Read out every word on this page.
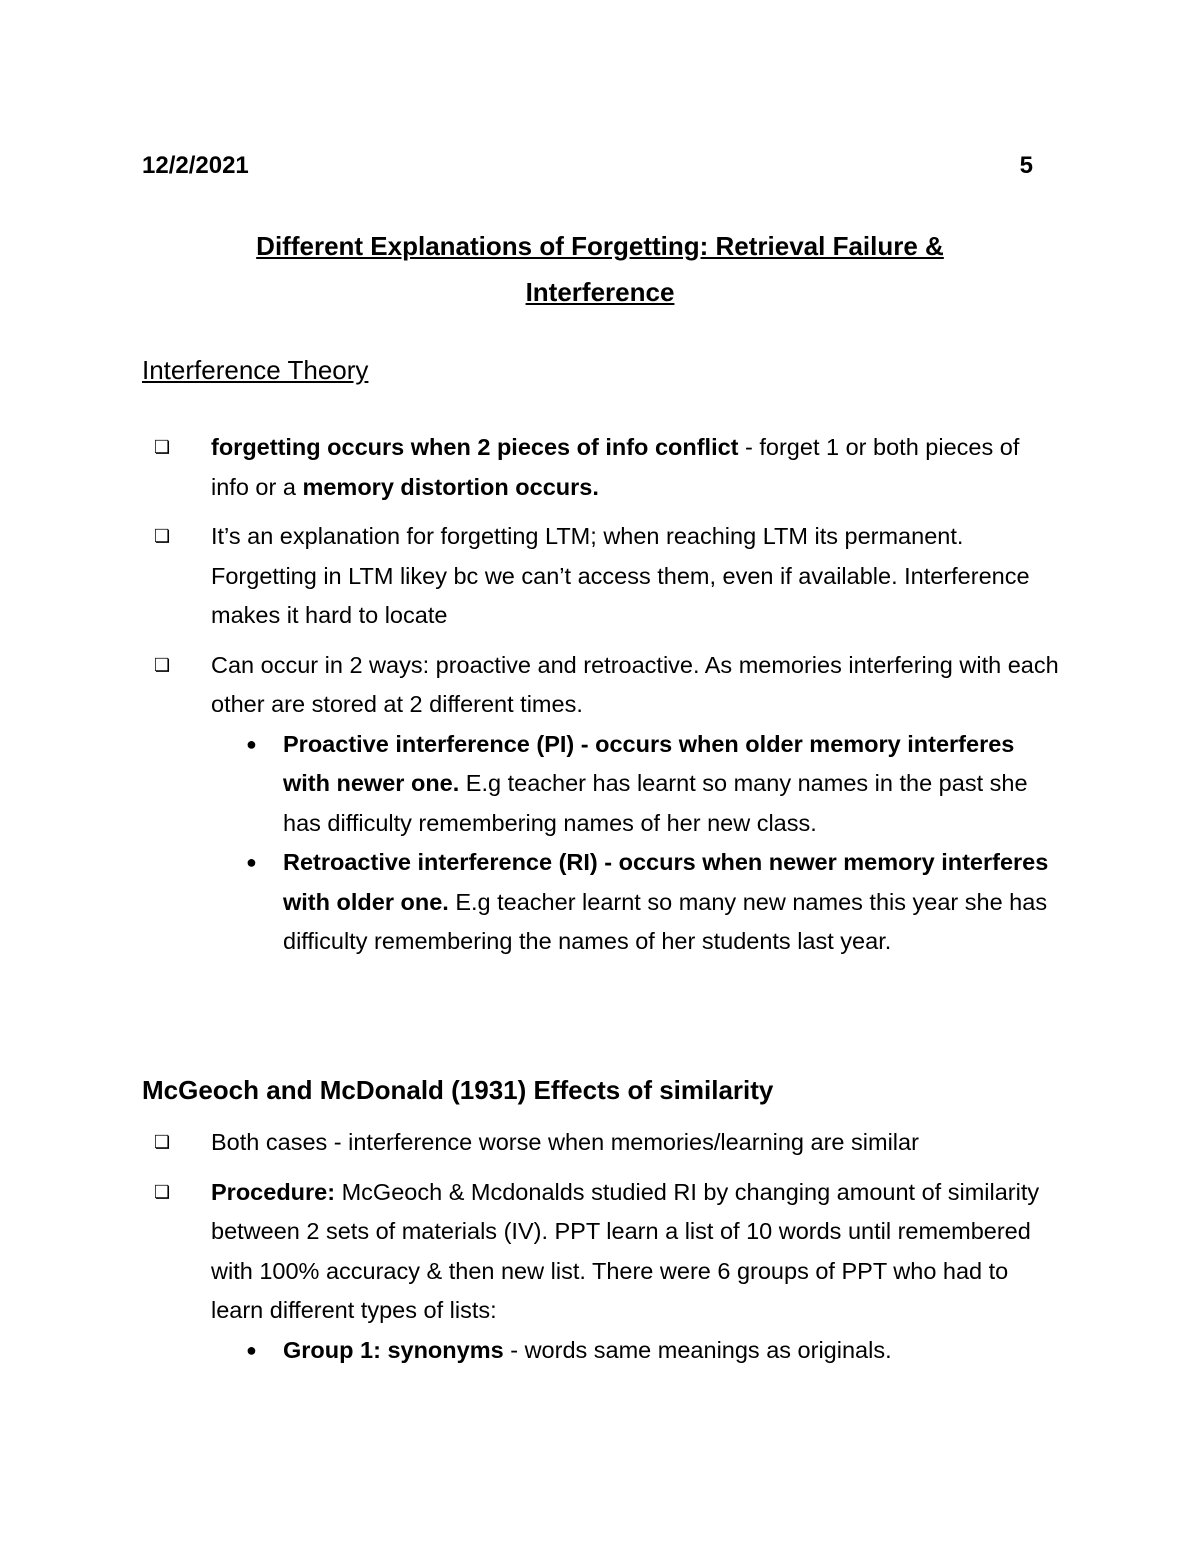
12/2/2021	5
Different Explanations of Forgetting: Retrieval Failure &
Interference
Interference Theory
❏ forgetting occurs when 2 pieces of info conflict - forget 1 or both pieces of info or a memory distortion occurs.
❏ It’s an explanation for forgetting LTM; when reaching LTM its permanent. Forgetting in LTM likey bc we can’t access them, even if available. Interference makes it hard to locate
❏ Can occur in 2 ways: proactive and retroactive. As memories interfering with each other are stored at 2 different times.
● Proactive interference (PI) - occurs when older memory interferes with newer one. E.g teacher has learnt so many names in the past she has difficulty remembering names of her new class.
● Retroactive interference (RI) - occurs when newer memory interferes with older one. E.g teacher learnt so many new names this year she has difficulty remembering the names of her students last year.
McGeoch and McDonald (1931) Effects of similarity
❏ Both cases - interference worse when memories/learning are similar
❏ Procedure: McGeoch & Mcdonalds studied RI by changing amount of similarity between 2 sets of materials (IV). PPT learn a list of 10 words until remembered with 100% accuracy & then new list. There were 6 groups of PPT who had to learn different types of lists:
● Group 1: synonyms - words same meanings as originals.
